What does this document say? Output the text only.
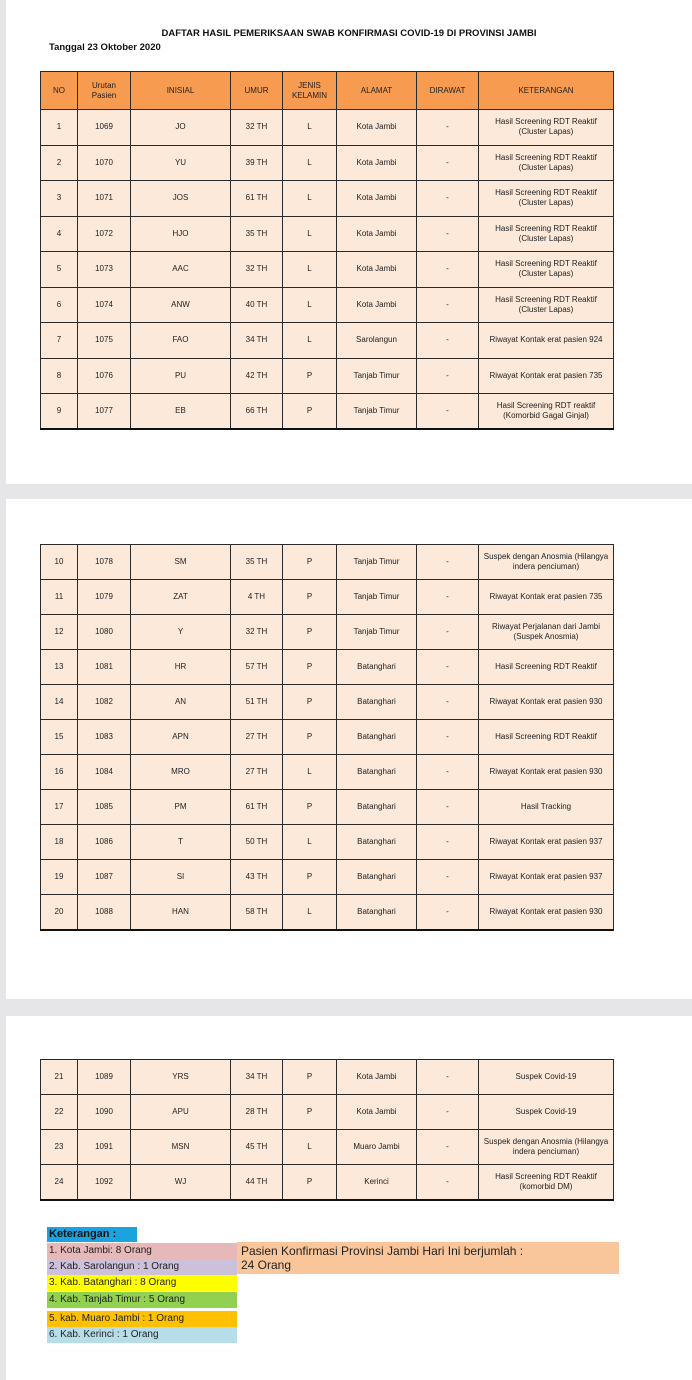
DAFTAR HASIL PEMERIKSAAN SWAB KONFIRMASI COVID-19 DI PROVINSI JAMBI
Tanggal 23 Oktober 2020
NO	Urutan Pasien	INISIAL	UMUR	JENIS KELAMIN	ALAMAT	DIRAWAT	KETERANGAN
1	1069	JO	32 TH	L	Kota Jambi	-	Hasil Screening RDT Reaktif (Cluster Lapas)
2	1070	YU	39 TH	L	Kota Jambi	-	Hasil Screening RDT Reaktif (Cluster Lapas)
3	1071	JOS	61 TH	L	Kota Jambi	-	Hasil Screening RDT Reaktif (Cluster Lapas)
4	1072	HJO	35 TH	L	Kota Jambi	-	Hasil Screening RDT Reaktif (Cluster Lapas)
5	1073	AAC	32 TH	L	Kota Jambi	-	Hasil Screening RDT Reaktif (Cluster Lapas)
6	1074	ANW	40 TH	L	Kota Jambi	-	Hasil Screening RDT Reaktif (Cluster Lapas)
7	1075	FAO	34 TH	L	Sarolangun	-	Riwayat Kontak erat pasien 924
8	1076	PU	42 TH	P	Tanjab Timur	-	Riwayat Kontak erat pasien 735
9	1077	EB	66 TH	P	Tanjab Timur	-	Hasil Screening RDT reaktif (Komorbid Gagal Ginjal)
10	1078	SM	35 TH	P	Tanjab Timur	-	Suspek dengan Anosmia (Hilangya indera penciuman)
11	1079	ZAT	4 TH	P	Tanjab Timur	-	Riwayat Kontak erat pasien 735
12	1080	Y	32 TH	P	Tanjab Timur	-	Riwayat Perjalanan dari Jambi (Suspek Anosmia)
13	1081	HR	57 TH	P	Batanghari	-	Hasil Screening RDT Reaktif
14	1082	AN	51 TH	P	Batanghari	-	Riwayat Kontak erat pasien 930
15	1083	APN	27 TH	P	Batanghari	-	Hasil Screening RDT Reaktif
16	1084	MRO	27 TH	L	Batanghari	-	Riwayat Kontak erat pasien 930
17	1085	PM	61 TH	P	Batanghari	-	Hasil Tracking
18	1086	T	50 TH	L	Batanghari	-	Riwayat Kontak erat pasien 937
19	1087	SI	43 TH	P	Batanghari	-	Riwayat Kontak erat pasien 937
20	1088	HAN	58 TH	L	Batanghari	-	Riwayat Kontak erat pasien 930
21	1089	YRS	34 TH	P	Kota Jambi	-	Suspek Covid-19
22	1090	APU	28 TH	P	Kota Jambi	-	Suspek Covid-19
23	1091	MSN	45 TH	L	Muaro Jambi	-	Suspek dengan Anosmia (Hilangya indera penciuman)
24	1092	WJ	44 TH	P	Kerinci	-	Hasil Screening RDT Reaktif (komorbid DM)
Keterangan :
1. Kota Jambi: 8 Orang
2. Kab. Sarolangun : 1 Orang
3. Kab. Batanghari : 8 Orang
4. Kab. Tanjab Timur : 5 Orang
5. kab. Muaro Jambi : 1 Orang
6. Kab. Kerinci : 1 Orang
Pasien Konfirmasi Provinsi Jambi Hari Ini berjumlah :
24 Orang
